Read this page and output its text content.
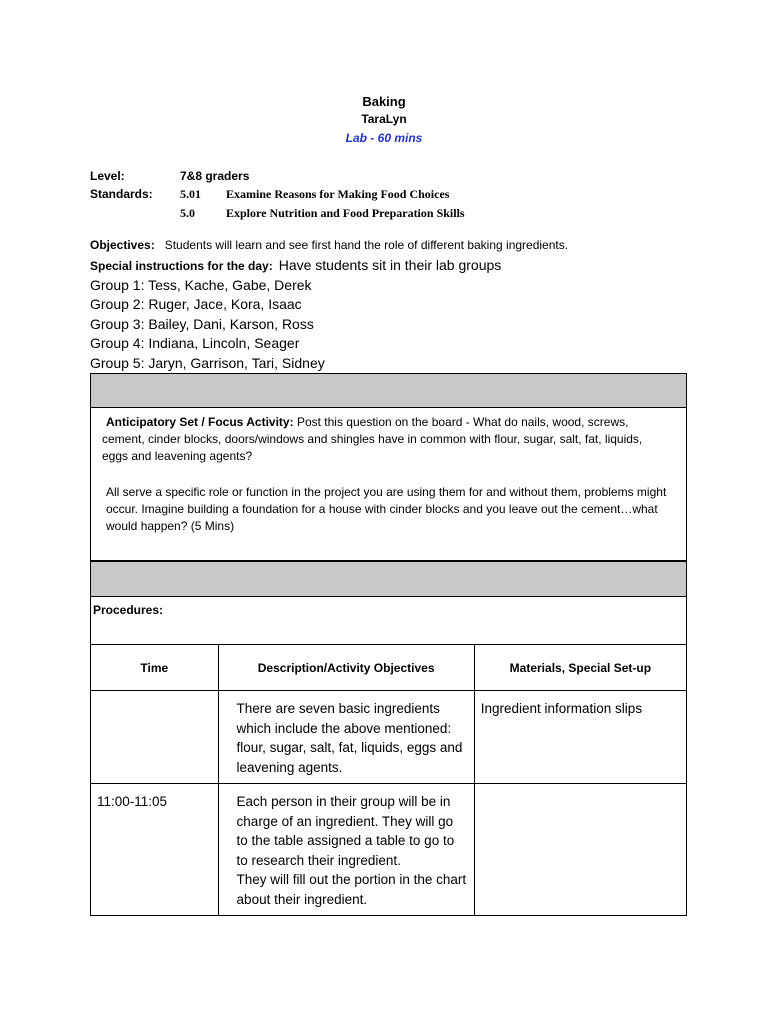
Baking
TaraLyn
Lab - 60 mins
Level:	7&8 graders
Standards:	5.01 Examine Reasons for Making Food Choices
5.0	Explore Nutrition and Food Preparation Skills
Objectives: Students will learn and see first hand the role of different baking ingredients.
Special instructions for the day: Have students sit in their lab groups
Group 1: Tess, Kache, Gabe, Derek
Group 2: Ruger, Jace, Kora, Isaac
Group 3: Bailey, Dani, Karson, Ross
Group 4: Indiana, Lincoln, Seager
Group 5: Jaryn, Garrison, Tari, Sidney
Anticipatory Set / Focus Activity: Post this question on the board - What do nails, wood, screws,
cement, cinder blocks, doors/windows and shingles have in common with flour, sugar, salt, fat, liquids,
eggs and leavening agents?
All serve a specific role or function in the project you are using them for and without them, problems might occur. Imagine building a foundation for a house with cinder blocks and you leave out the cement…what would happen? (5 Mins)
Procedures:
Time	Description/Activity Objectives	Materials, Special Set-up

	There are seven basic ingredients which include the above mentioned: flour, sugar, salt, fat, liquids, eggs and leavening agents.	Ingredient information slips

11:00-11:05	Each person in their group will be in charge of an ingredient. They will go to the table assigned a table to go to to research their ingredient.
They will fill out the portion in the chart about their ingredient.	
